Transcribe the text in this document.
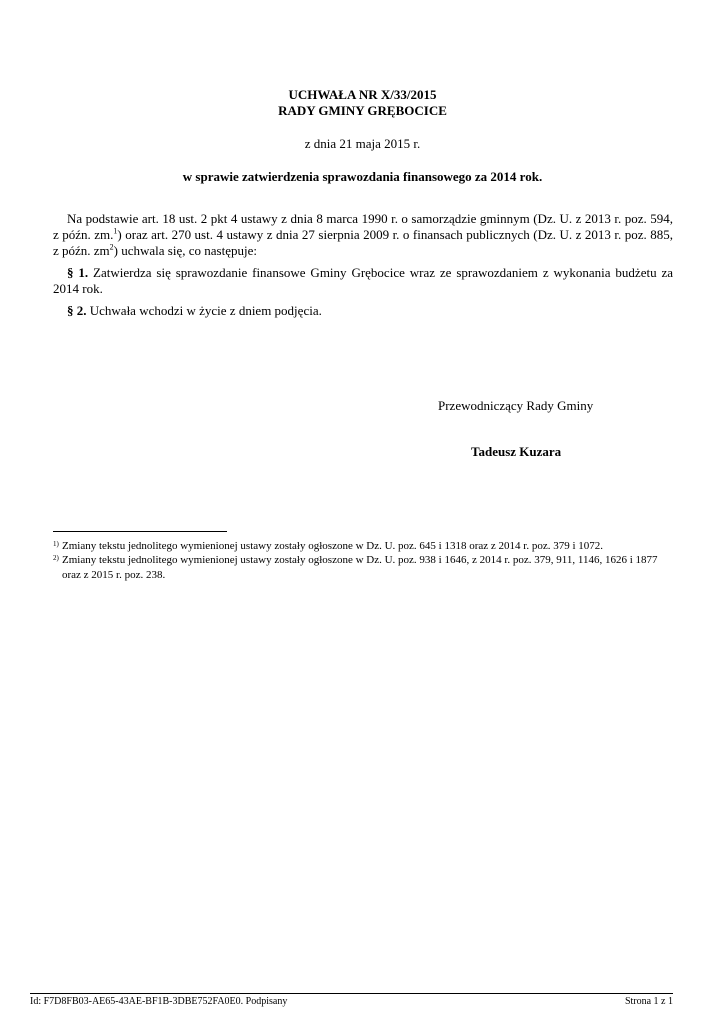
UCHWAŁA NR X/33/2015
RADY GMINY GRĘBOCICE
z dnia 21 maja 2015 r.
w sprawie zatwierdzenia sprawozdania finansowego za 2014 rok.
Na podstawie art. 18 ust. 2 pkt 4 ustawy z dnia 8 marca 1990 r. o samorządzie gminnym (Dz. U. z 2013 r. poz. 594, z późn. zm.$^1$) oraz art. 270 ust. 4 ustawy z dnia 27 sierpnia 2009 r. o finansach publicznych (Dz. U. z 2013 r. poz. 885, z późn. $zm^2$) uchwala się, co następuje:
§ 1. Zatwierdza się sprawozdanie finansowe Gminy Grębocice wraz ze sprawozdaniem z wykonania budżetu za 2014 rok.
§ 2. Uchwała wchodzi w życie z dniem podjęcia.
Przewodniczący Rady Gminy
Tadeusz Kuzara
1) Zmiany tekstu jednolitego wymienionej ustawy zostały ogłoszone w Dz. U. poz. 645 i 1318 oraz z 2014 r. poz. 379 i 1072.
2) Zmiany tekstu jednolitego wymienionej ustawy zostały ogłoszone w Dz. U. poz. 938 i 1646, z 2014 r. poz. 379, 911, 1146, 1626 i 1877 oraz z 2015 r. poz. 238.
Id: F7D8FB03-AE65-43AE-BF1B-3DBE752FA0E0. Podpisany	Strona 1 z 1
